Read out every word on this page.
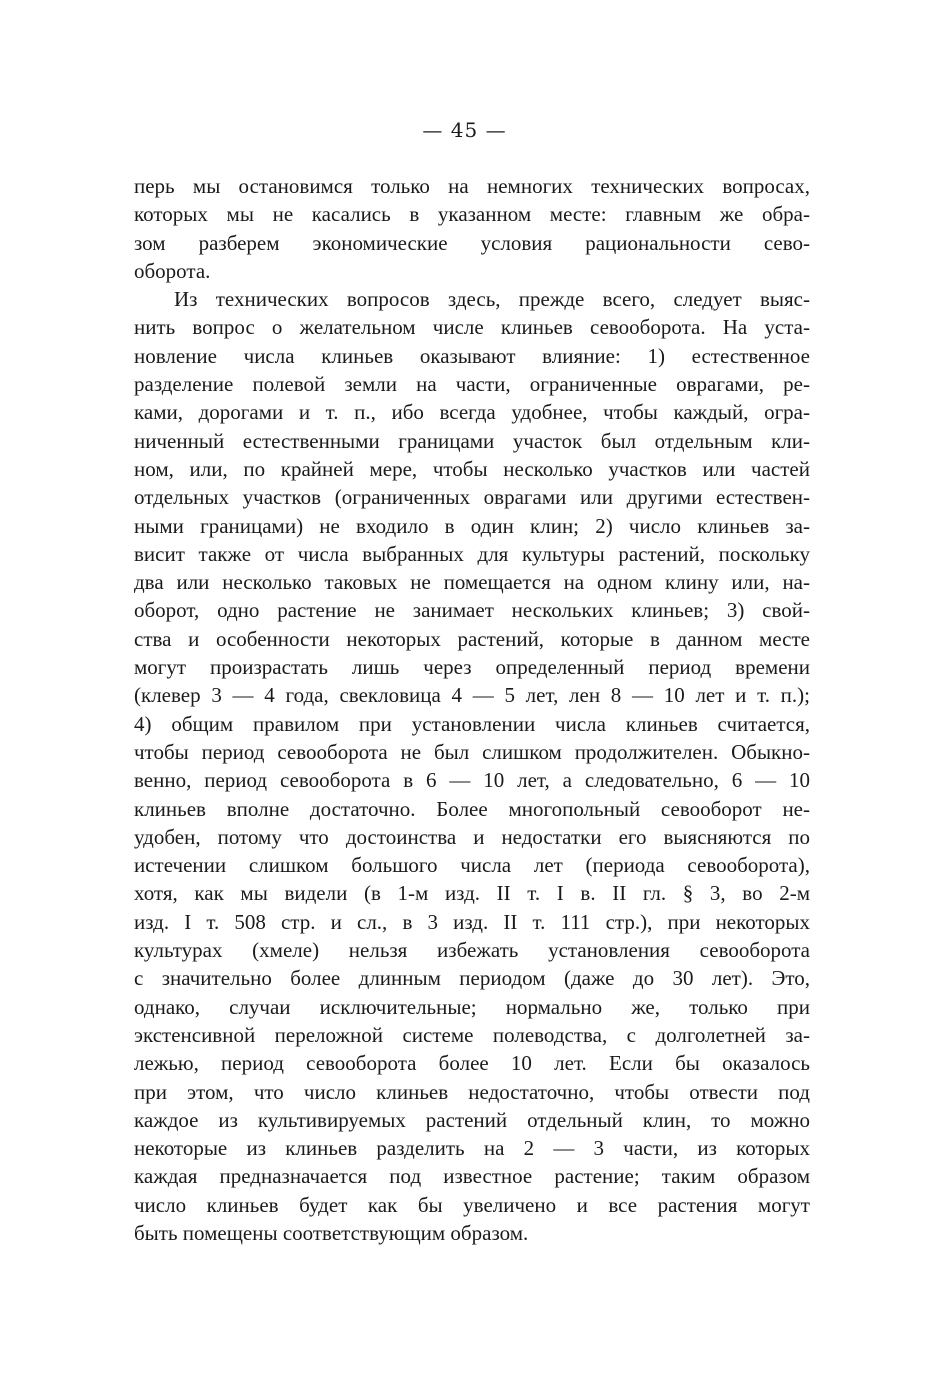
— 45 —
перь мы остановимся только на немногих технических вопросах,
которых мы не касались в указанном месте: главным же обра-
зом разберем экономические условия рациональности сево-
оборота.
Из технических вопросов здесь, прежде всего, следует выяс-
нить вопрос о желательном числе клиньев севооборота. На уста-
новление числа клиньев оказывают влияние: 1) естественное
разделение полевой земли на части, ограниченные оврагами, ре-
ками, дорогами и т. п., ибо всегда удобнее, чтобы каждый, огра-
ниченный естественными границами участок был отдельным кли-
ном, или, по крайней мере, чтобы несколько участков или частей
отдельных участков (ограниченных оврагами или другими естествен-
ными границами) не входило в один клин; 2) число клиньев за-
висит также от числа выбранных для культуры растений, поскольку
два или несколько таковых не помещается на одном клину или, на-
оборот, одно растение не занимает нескольких клиньев; 3) свой-
ства и особенности некоторых растений, которые в данном месте
могут произрастать лишь через определенный период времени
(клевер 3 — 4 года, свекловица 4 — 5 лет, лен 8 — 10 лет и т. п.);
4) общим правилом при установлении числа клиньев считается,
чтобы период севооборота не был слишком продолжителен. Обыкно-
венно, период севооборота в 6 — 10 лет, а следовательно, 6 — 10
клиньев вполне достаточно. Более многопольный севооборот не-
удобен, потому что достоинства и недостатки его выясняются по
истечении слишком большого числа лет (периода севооборота),
хотя, как мы видели (в 1-м изд. II т. I в. II гл. § 3, во 2-м
изд. I т. 508 стр. и сл., в 3 изд. II т. 111 стр.), при некоторых
культурах (хмеле) нельзя избежать установления севооборота
с значительно более длинным периодом (даже до 30 лет). Это,
однако, случаи исключительные; нормально же, только при
экстенсивной переложной системе полеводства, с долголетней за-
лежью, период севооборота более 10 лет. Если бы оказалось
при этом, что число клиньев недостаточно, чтобы отвести под
каждое из культивируемых растений отдельный клин, то можно
некоторые из клиньев разделить на 2 — 3 части, из которых
каждая предназначается под известное растение; таким образом
число клиньев будет как бы увеличено и все растения могут
быть помещены соответствующим образом.
